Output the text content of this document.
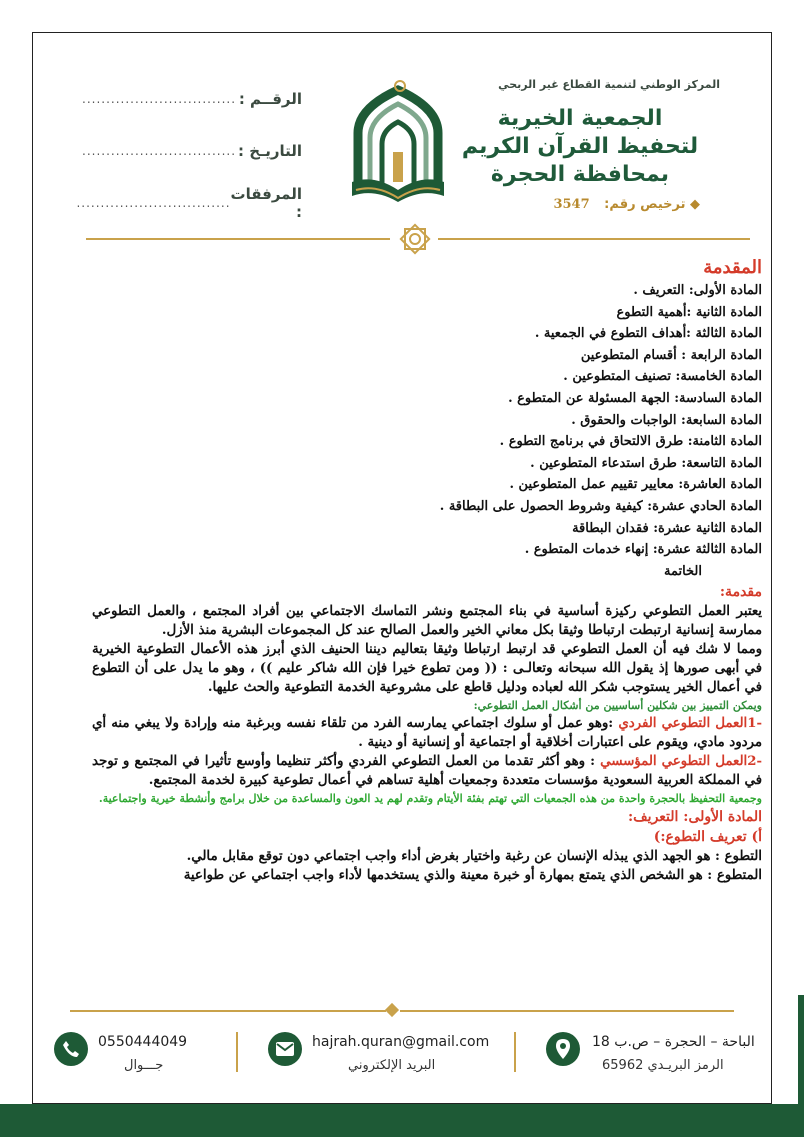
الرقــم :
................................
التاريـخ :
................................
المرفقات :
................................
المركز الوطني لتنمية القطاع غير الربحي
الجمعية الخيرية
لتحفيظ القرآن الكريم
بمحافظة الحجرة
◆ ترخيص رقم: 3547
المقدمة
المادة الأولى: التعريف .
المادة الثانية :أهمية التطوع
المادة الثالثة :أهداف التطوع في الجمعية .
المادة الرابعة : أقسام المتطوعين
المادة الخامسة: تصنيف المتطوعين .
المادة السادسة: الجهة المسئولة عن المتطوع .
المادة السابعة: الواجبات والحقوق .
المادة الثامنة: طرق الالتحاق في برنامج التطوع .
المادة التاسعة: طرق استدعاء المتطوعين .
المادة العاشرة: معايير تقييم عمل المتطوعين .
المادة الحادي عشرة: كيفية وشروط الحصول على البطاقة .
المادة الثانية عشرة: فقدان البطاقة
المادة الثالثة عشرة: إنهاء خدمات المتطوع .
الخاتمة
مقدمة:
يعتبر العمل التطوعي ركيزة أساسية في بناء المجتمع ونشر التماسك الاجتماعي بين أفراد المجتمع ، والعمل التطوعي ممارسة إنسانية ارتبطت ارتباطا وثيقا بكل معاني الخير والعمل الصالح عند كل المجموعات البشرية منذ الأزل.
ومما لا شك فيه أن العمل التطوعي قد ارتبط ارتباطا وثيقا بتعاليم ديننا الحنيف الذي أبرز هذه الأعمال التطوعية الخيرية في أبهى صورها إذ يقول الله سبحانه وتعالـى : (( ومن تطوع خيرا فإن الله شاكر عليم )) ، وهو ما يدل على أن التطوع في أعمال الخير يستوجب شكر الله لعباده ودليل قاطع على مشروعية الخدمة التطوعية والحث عليها.
ويمكن التمييز بين شكلين أساسيين من أشكال العمل التطوعي:
-1العمل التطوعي الفردي :وهو عمل أو سلوك اجتماعي يمارسه الفرد من تلقاء نفسه وبرغبة منه وإرادة ولا يبغي منه أي مردود مادي، ويقوم على اعتبارات أخلاقية أو اجتماعية أو إنسانية أو دينية .
-2العمل التطوعي المؤسسي : وهو أكثر تقدما من العمل التطوعي الفردي وأكثر تنظيما وأوسع تأثيرا في المجتمع و توجد في المملكة العربية السعودية مؤسسات متعددة وجمعيات أهلية تساهم في أعمال تطوعية كبيرة لخدمة المجتمع.
وجمعية التحفيظ بالحجرة واحدة من هذه الجمعيات التي تهتم بفئة الأيتام وتقدم لهم يد العون والمساعدة من خلال برامج وأنشطة خيرية واجتماعية.
المادة الأولى: التعريف:
أ) تعريف التطوع:)
التطوع : هو الجهد الذي يبذله الإنسان عن رغبة واختيار بغرض أداء واجب اجتماعي دون توقع مقابل مالي.
المتطوع : هو الشخص الذي يتمتع بمهارة أو خبرة معينة والذي يستخدمها لأداء واجب اجتماعي عن طواعية
0550444049
جـــوال
hajrah.quran@gmail.com
البريد الإلكتروني
الباحة – الحجرة – ص.ب 18
الرمز البريـدي 65962
